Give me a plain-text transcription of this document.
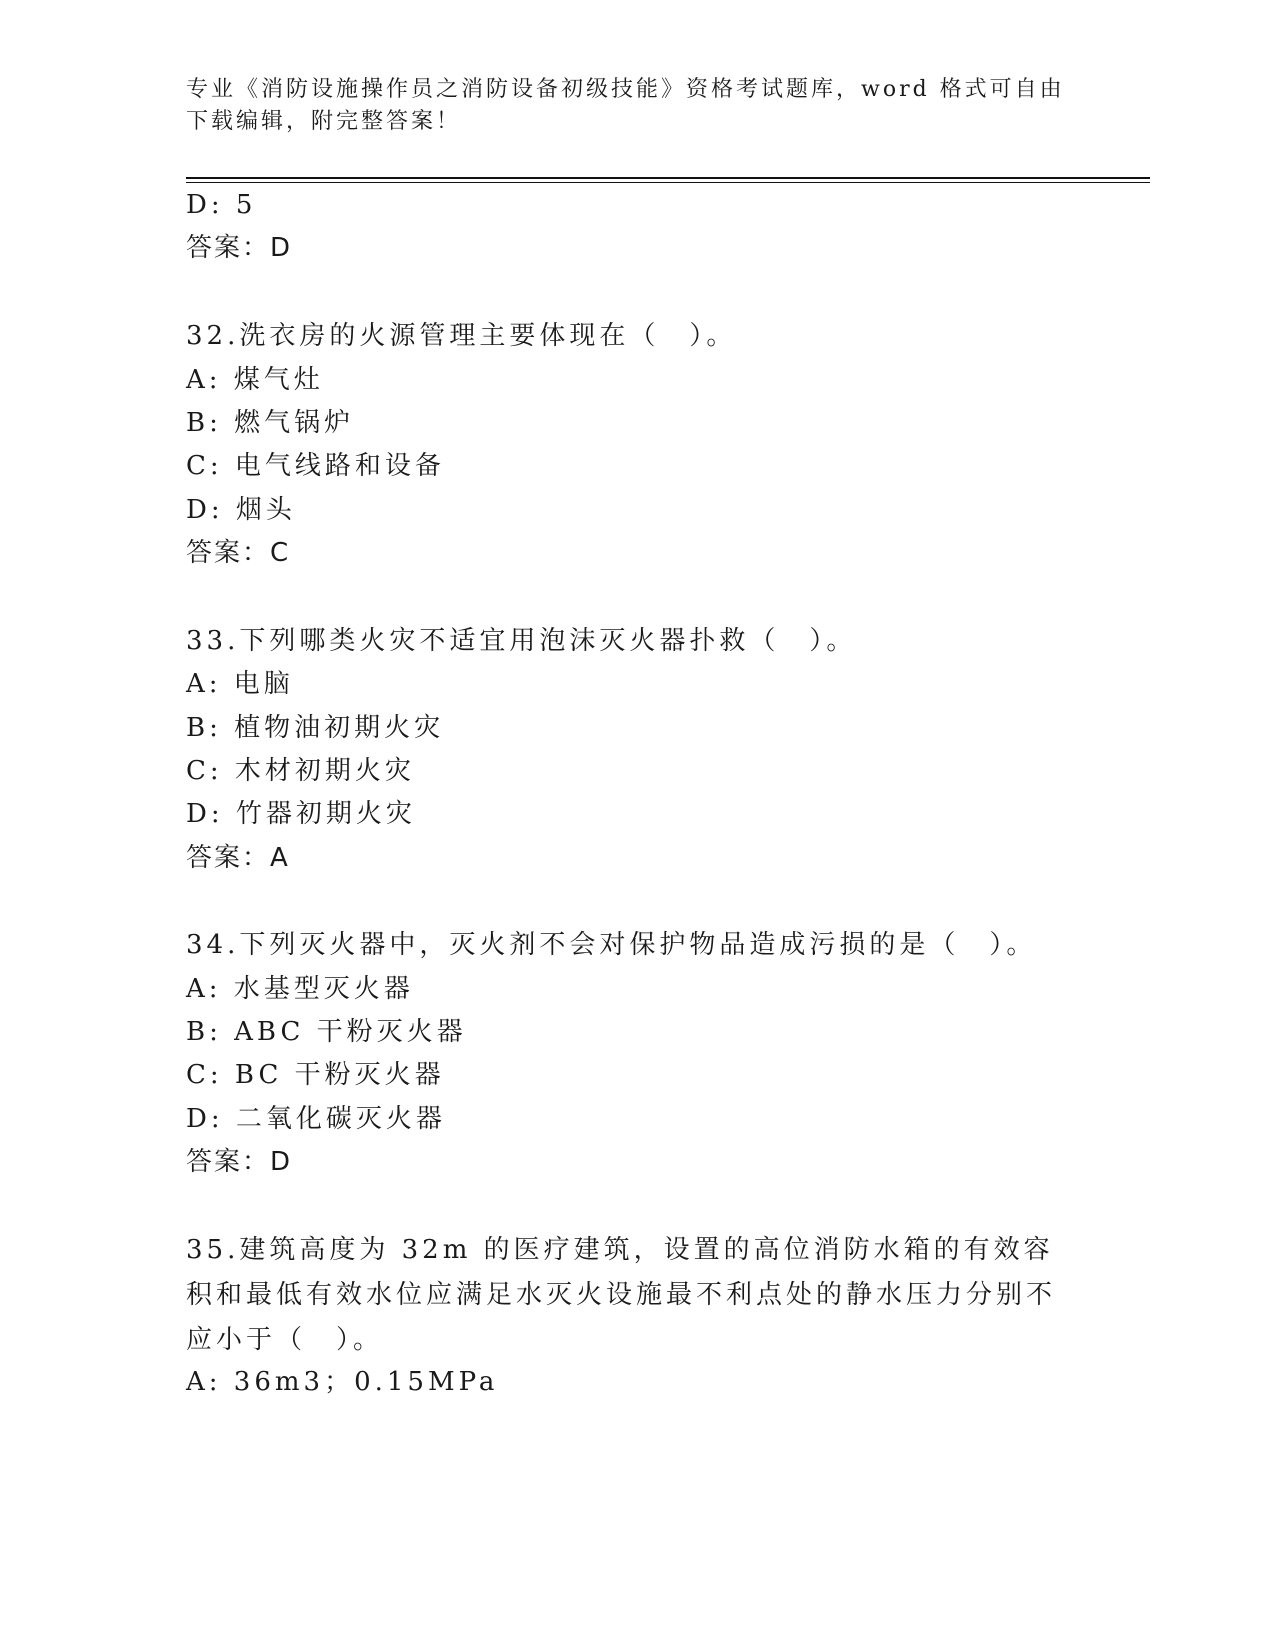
专业《消防设施操作员之消防设备初级技能》资格考试题库，word 格式可自由下载编辑，附完整答案！
D: 5
答案：D
32.洗衣房的火源管理主要体现在（　）。
A: 煤气灶
B: 燃气锅炉
C: 电气线路和设备
D: 烟头
答案：C
33.下列哪类火灾不适宜用泡沫灭火器扑救（　）。
A: 电脑
B: 植物油初期火灾
C: 木材初期火灾
D: 竹器初期火灾
答案：A
34.下列灭火器中，灭火剂不会对保护物品造成污损的是（　）。
A: 水基型灭火器
B: ABC 干粉灭火器
C: BC 干粉灭火器
D: 二氧化碳灭火器
答案：D
35.建筑高度为 32m 的医疗建筑，设置的高位消防水箱的有效容积和最低有效水位应满足水灭火设施最不利点处的静水压力分别不应小于（　）。
A: 36m3；0.15MPa
